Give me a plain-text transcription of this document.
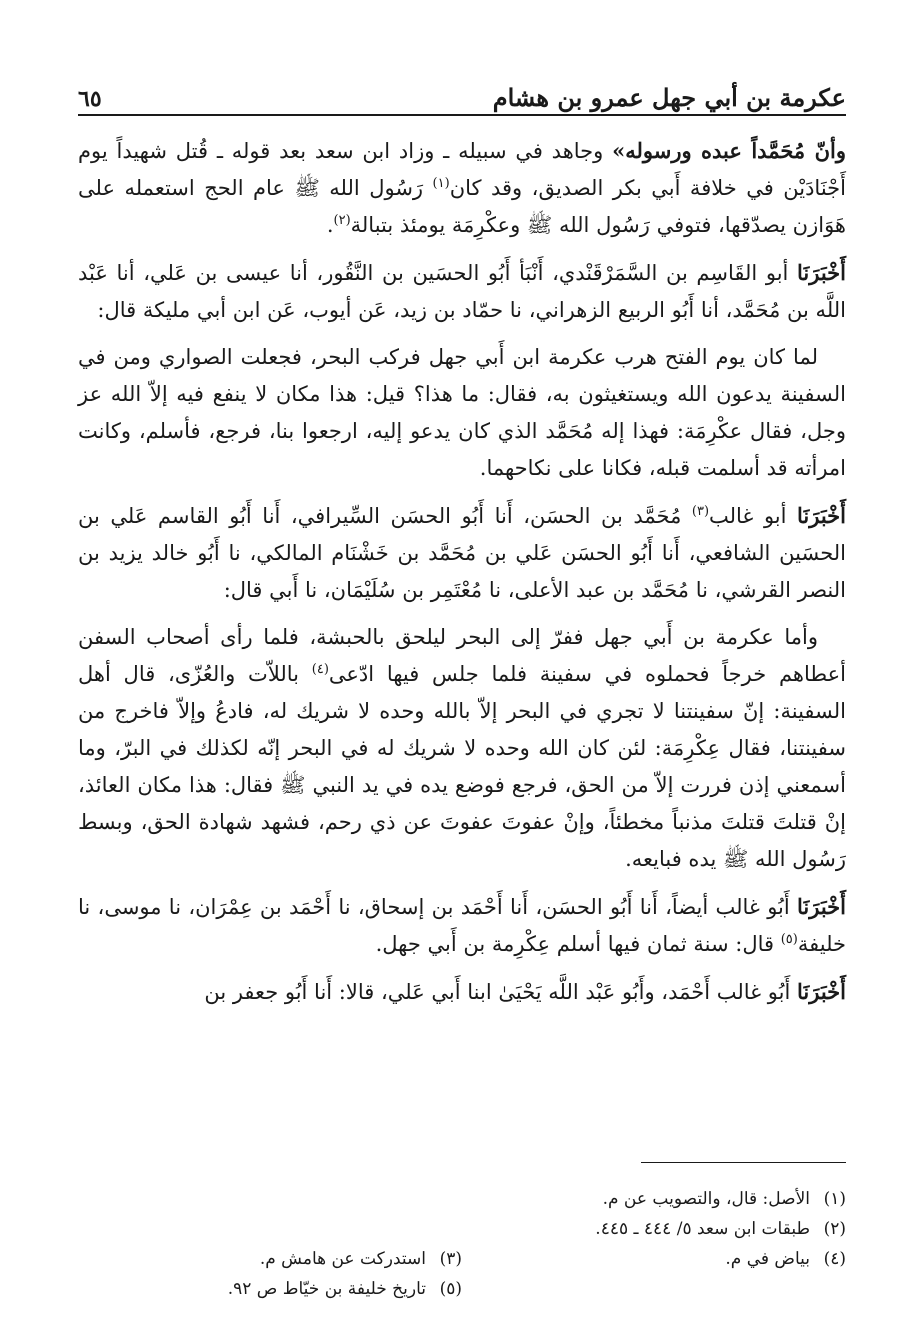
عكرمة بن أبي جهل عمرو بن هشام
٦٥

وأنّ مُحَمَّداً عبده ورسوله» وجاهد في سبيله ـ وزاد ابن سعد بعد قوله ـ قُتل شهيداً يوم أَجْنَادَيْن في خلافة أَبي بكر الصديق، وقد كان$^{(١)}$ رَسُول الله ﷺ عام الحج استعمله على هَوَازن يصدّقها، فتوفي رَسُول الله ﷺ وعكْرِمَة يومئذ بتبالة$^{(٢)}$.

أَخْبَرَنَا أبو القَاسِم بن السَّمَرْقَنْدي، أَنْبَأ أَبُو الحسَين بن النَّقُور، أنا عيسى بن عَلي، أنا عَبْد اللَّه بن مُحَمَّد، أنا أَبُو الربيع الزهراني، نا حمّاد بن زيد، عَن أيوب، عَن ابن أبي مليكة قال:

لما كان يوم الفتح هرب عكرمة ابن أَبي جهل فركب البحر، فجعلت الصواري ومن في السفينة يدعون الله ويستغيثون به، فقال: ما هذا؟ قيل: هذا مكان لا ينفع فيه إلاّ الله عز وجل، فقال عكْرِمَة: فهذا إله مُحَمَّد الذي كان يدعو إليه، ارجعوا بنا، فرجع، فأسلم، وكانت امرأته قد أسلمت قبله، فكانا على نكاحهما.

أَخْبَرَنَا أبو غالب$^{(٣)}$ مُحَمَّد بن الحسَن، أَنا أَبُو الحسَن السِّيرافي، أَنا أَبُو القاسم عَلي بن الحسَين الشافعي، أَنا أَبُو الحسَن عَلي بن مُحَمَّد بن خَشْنَام المالكي، نا أَبُو خالد يزيد بن النصر القرشي، نا مُحَمَّد بن عبد الأعلى، نا مُعْتَمِر بن سُلَيْمَان، نا أَبي قال:

وأما عكرمة بن أَبي جهل ففرّ إلى البحر ليلحق بالحبشة، فلما رأى أصحاب السفن أعطاهم خرجاً فحملوه في سفينة فلما جلس فيها ادّعى$^{(٤)}$ باللاّت والعُزّى، قال أهل السفينة: إنّ سفينتنا لا تجري في البحر إلاّ بالله وحده لا شريك له، فادعُ وإلاّ فاخرج من سفينتنا، فقال عِكْرِمَة: لئن كان الله وحده لا شريك له في البحر إنّه لكذلك في البرّ، وما أسمعني إذن فررت إلاّ من الحق، فرجع فوضع يده في يد النبي ﷺ فقال: هذا مكان العائذ، إنْ قتلتَ قتلتَ مذنباً مخطئاً، وإنْ عفوتَ عفوتَ عن ذي رحم، فشهد شهادة الحق، وبسط رَسُول الله ﷺ يده فبايعه.

أَخْبَرَنَا أَبُو غالب أيضاً، أَنا أَبُو الحسَن، أَنا أَحْمَد بن إسحاق، نا أَحْمَد بن عِمْرَان، نا موسى، نا خليفة$^{(٥)}$ قال: سنة ثمان فيها أسلم عِكْرِمة بن أَبي جهل.

أَخْبَرَنَا أَبُو غالب أَحْمَد، وأَبُو عَبْد اللَّه يَحْيَىٰ ابنا أَبي عَلي، قالا: أَنا أَبُو جعفر بن

(١)
الأصل: قال، والتصويب عن م.
(٢)
طبقات ابن سعد ٥/ ٤٤٤ ـ ٤٤٥.
(٤)
بياض في م.
(٣)
استدركت عن هامش م.
(٥)
تاريخ خليفة بن خيّاط ص ٩٢.
